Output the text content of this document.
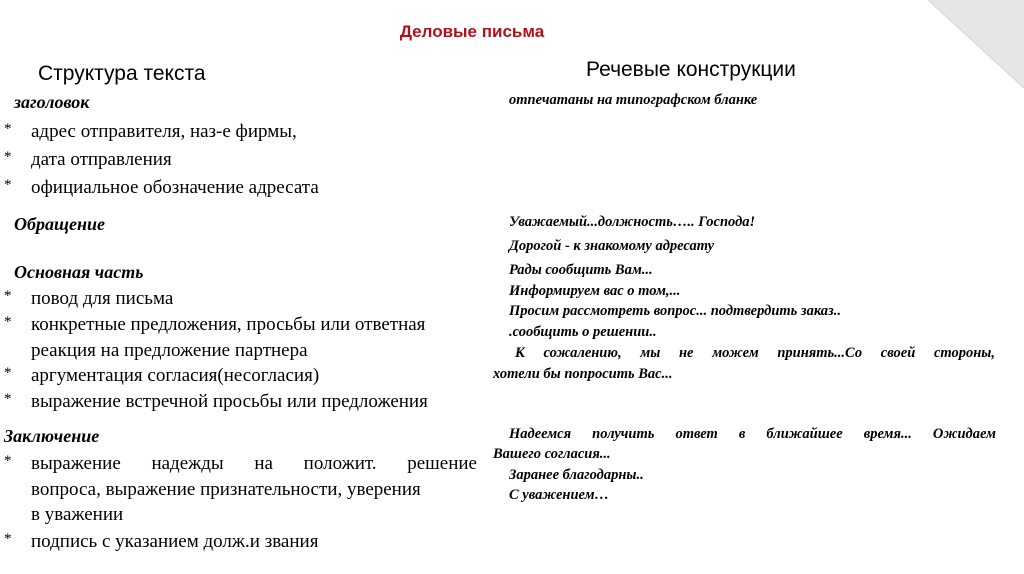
Деловые письма
Структура текста
заголовок
* адрес отправителя, наз-е фирмы,
* дата отправления
* официальное обозначение адресата
Обращение
Основная часть
* повод для письма
* конкретные предложения, просьбы или ответная
реакция на предложение партнера
* аргументация согласия(несогласия)
* выражение встречной просьбы или предложения
Заключение
* выражение надежды на положит. решение
вопроса, выражение признательности, уверения
в уважении
* подпись с указанием долж.и звания
Речевые конструкции
отпечатаны на типографском бланке
Уважаемый...должность….. Господа!
Дорогой - к знакомому адресату
Рады сообщить Вам...
Информируем вас о том,...
Просим рассмотреть вопрос... подтвердить заказ..
.сообщить о решении..
К сожалению, мы не можем принять...Со своей стороны,
хотели бы попросить Вас...
Надеемся получить ответ в ближайшее время... Ожидаем
Вашего согласия...
Заранее благодарны..
С уважением…
